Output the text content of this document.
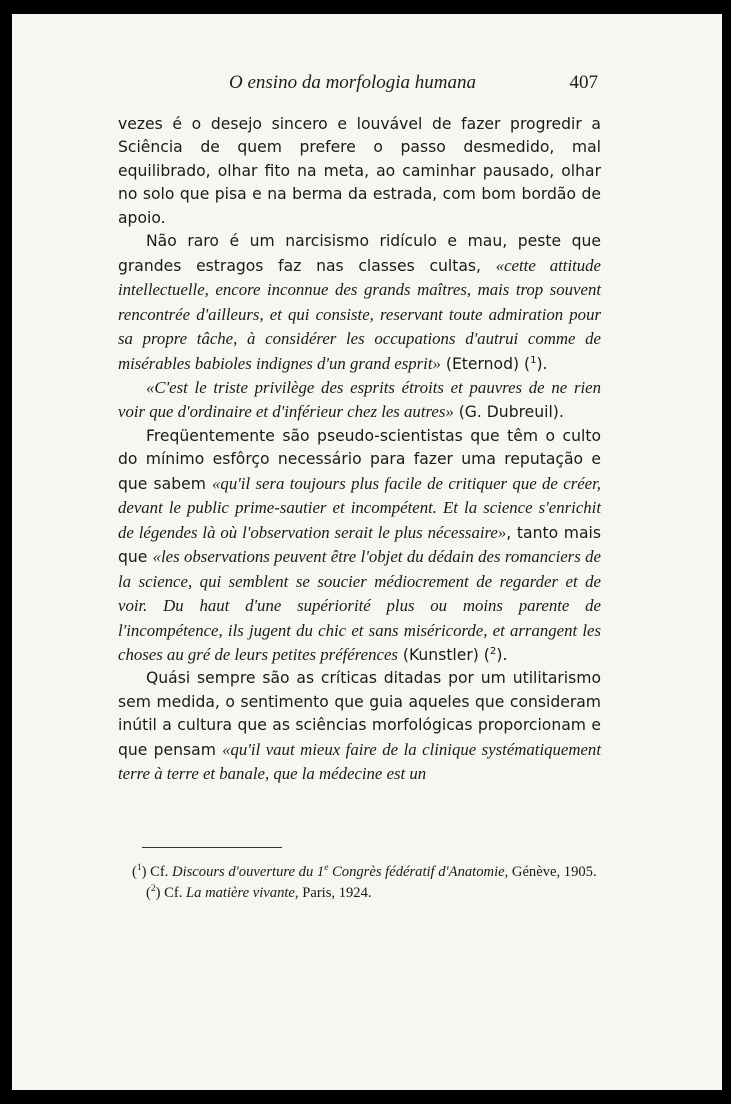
O ensino da morfologia humana	407

vezes é o desejo sincero e louvável de fazer progredir a Sciência de quem prefere o passo desmedido, mal equilibrado, olhar fito na meta, ao caminhar pausado, olhar no solo que pisa e na berma da estrada, com bom bordão de apoio.

Não raro é um narcisismo ridículo e mau, peste que grandes estragos faz nas classes cultas, «cette attitude intellectuelle, encore inconnue des grands maîtres, mais trop souvent rencontrée d'ailleurs, et qui consiste, reservant toute admiration pour sa propre tâche, à considérer les occupations d'autrui comme de misérables babioles indignes d'un grand esprit» (Eternod) ($^1$).

«C'est le triste privilège des esprits étroits et pauvres de ne rien voir que d'ordinaire et d'inférieur chez les autres» (G. Dubreuil).

Freqüentemente são pseudo-scientistas que têm o culto do mínimo esfôrço necessário para fazer uma reputação e que sabem «qu'il sera toujours plus facile de critiquer que de créer, devant le public prime-sautier et incompétent. Et la science s'enrichit de légendes là où l'observation serait le plus nécessaire», tanto mais que «les observations peuvent être l'objet du dédain des romanciers de la science, qui semblent se soucier médiocrement de regarder et de voir. Du haut d'une supériorité plus ou moins parente de l'incompétence, ils jugent du chic et sans miséricorde, et arrangent les choses au gré de leurs petites préférences (Kunstler) ($^2$).

Quási sempre são as críticas ditadas por um utilitarismo sem medida, o sentimento que guia aqueles que consideram inútil a cultura que as sciências morfológicas proporcionam e que pensam «qu'il vaut mieux faire de la clinique systématiquement terre à terre et banale, que la médecine est un

($^1$) Cf. Discours d'ouverture du 1e Congrès fédératif d'Anatomie, Génève, 1905.

($^2$) Cf. La matière vivante, Paris, 1924.
